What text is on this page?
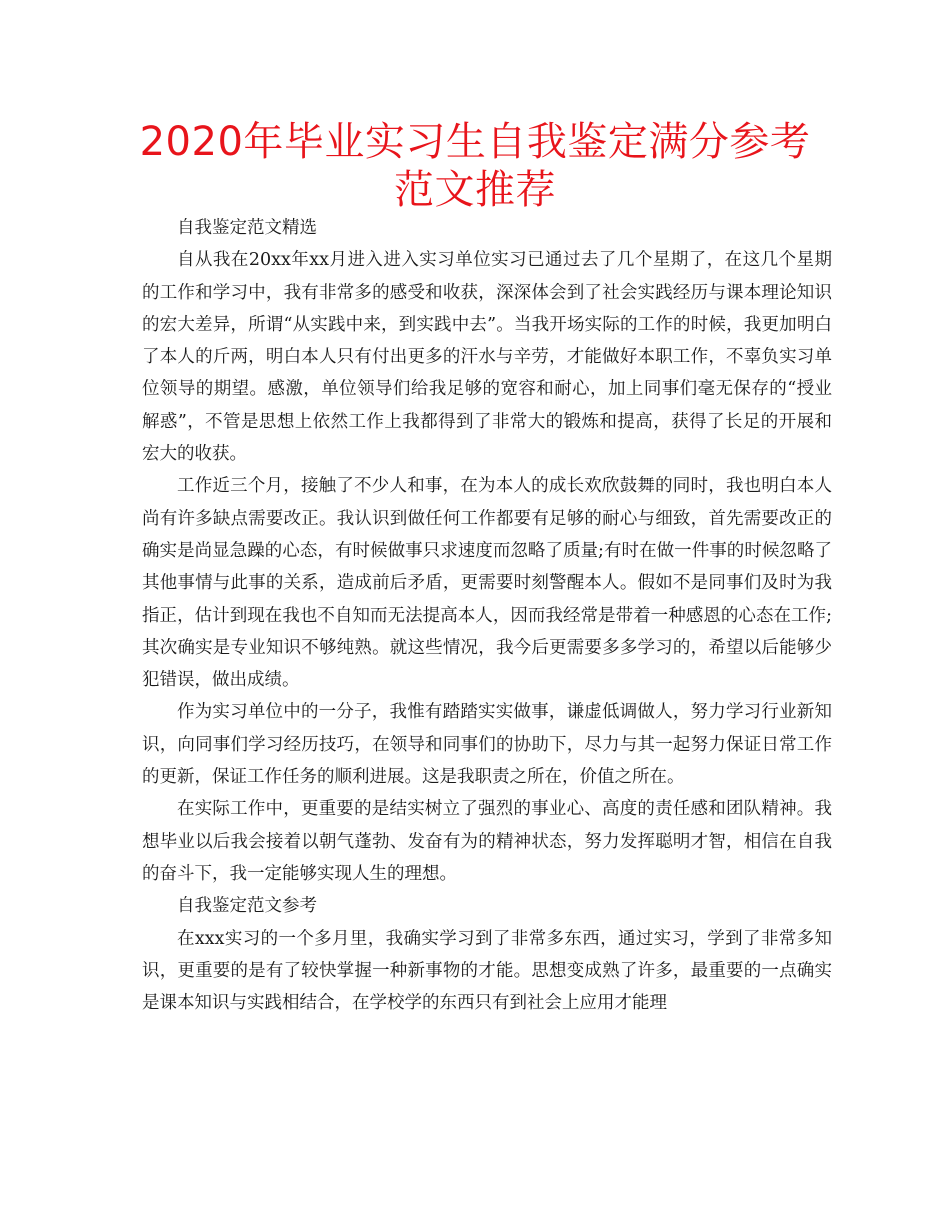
2020年毕业实习生自我鉴定满分参考范文推荐

自我鉴定范文精选

自从我在20xx年xx月进入进入实习单位实习已通过去了几个星期了，在这几个星期的工作和学习中，我有非常多的感受和收获，深深体会到了社会实践经历与课本理论知识的宏大差异，所谓“从实践中来，到实践中去”。当我开场实际的工作的时候，我更加明白了本人的斤两，明白本人只有付出更多的汗水与辛劳，才能做好本职工作，不辜负实习单位领导的期望。感激，单位领导们给我足够的宽容和耐心，加上同事们毫无保存的“授业解惑”，不管是思想上依然工作上我都得到了非常大的锻炼和提高，获得了长足的开展和宏大的收获。

工作近三个月，接触了不少人和事，在为本人的成长欢欣鼓舞的同时，我也明白本人尚有许多缺点需要改正。我认识到做任何工作都要有足够的耐心与细致，首先需要改正的确实是尚显急躁的心态，有时候做事只求速度而忽略了质量;有时在做一件事的时候忽略了其他事情与此事的关系，造成前后矛盾，更需要时刻警醒本人。假如不是同事们及时为我指正，估计到现在我也不自知而无法提高本人，因而我经常是带着一种感恩的心态在工作;其次确实是专业知识不够纯熟。就这些情况，我今后更需要多多学习的，希望以后能够少犯错误，做出成绩。

作为实习单位中的一分子，我惟有踏踏实实做事，谦虚低调做人，努力学习行业新知识，向同事们学习经历技巧，在领导和同事们的协助下，尽力与其一起努力保证日常工作的更新，保证工作任务的顺利进展。这是我职责之所在，价值之所在。

在实际工作中，更重要的是结实树立了强烈的事业心、高度的责任感和团队精神。我想毕业以后我会接着以朝气蓬勃、发奋有为的精神状态，努力发挥聪明才智，相信在自我的奋斗下，我一定能够实现人生的理想。

自我鉴定范文参考

在xxx实习的一个多月里，我确实学习到了非常多东西，通过实习，学到了非常多知识，更重要的是有了较快掌握一种新事物的才能。思想变成熟了许多，最重要的一点确实是课本知识与实践相结合，在学校学的东西只有到社会上应用才能理
